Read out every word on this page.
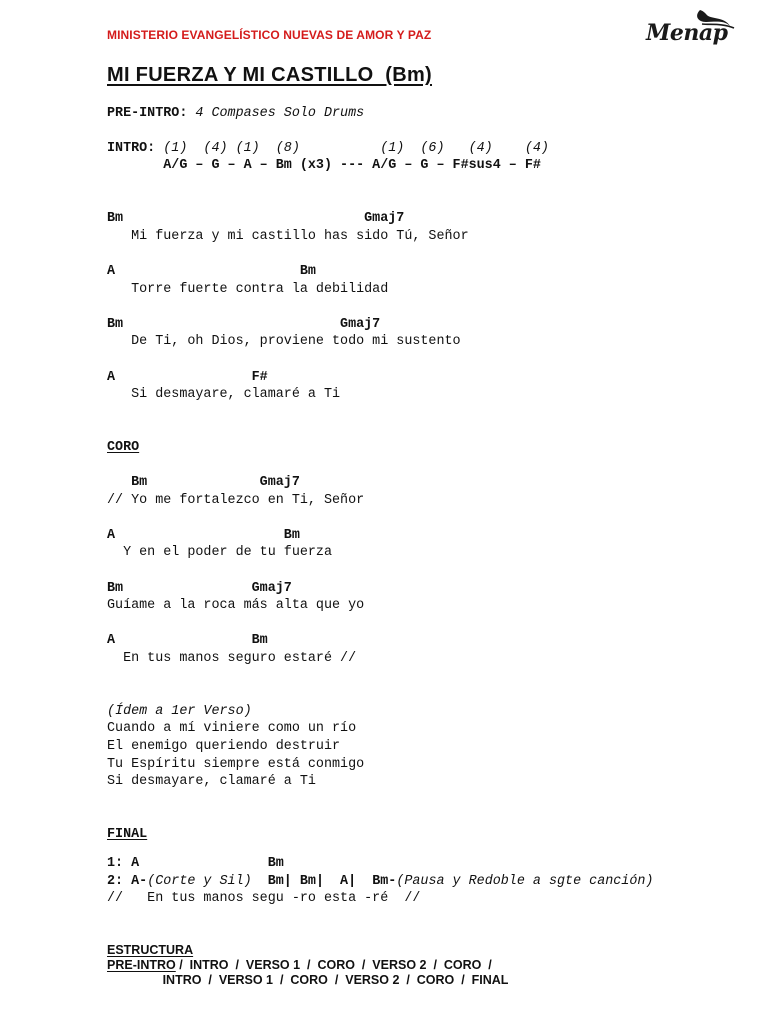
MINISTERIO EVANGELÍSTICO NUEVAS DE AMOR Y PAZ	Menap
MI FUERZA Y MI CASTILLO  (Bm)
PRE-INTRO: 4 Compases Solo Drums
INTRO: (1)  (4) (1)  (8)          (1)  (6)   (4)    (4)
A/G – G – A – Bm (x3) --- A/G – G – F#sus4 – F#
Bm                              Gmaj7
Mi fuerza y mi castillo has sido Tú, Señor
A                       Bm
Torre fuerte contra la debilidad
Bm                           Gmaj7
De Ti, oh Dios, proviene todo mi sustento
A                 F#
Si desmayare, clamaré a Ti
CORO
Bm              Gmaj7
// Yo me fortalezco en Ti, Señor
A                     Bm
Y en el poder de tu fuerza
Bm                Gmaj7
Guíame a la roca más alta que yo
A                 Bm
En tus manos seguro estaré //
(Ídem a 1er Verso)
Cuando a mí viniere como un río
El enemigo queriendo destruir
Tu Espíritu siempre está conmigo
Si desmayare, clamaré a Ti
FINAL
1: A                Bm
2: A-(Corte y Sil)  Bm| Bm|  A|  Bm-(Pausa y Redoble a sgte canción)
//   En tus manos segu -ro esta -ré  //
ESTRUCTURA
PRE-INTRO /  INTRO  /  VERSO 1  /  CORO  /  VERSO 2  /  CORO  /
INTRO  /  VERSO 1  /  CORO  /  VERSO 2  /  CORO  /  FINAL
